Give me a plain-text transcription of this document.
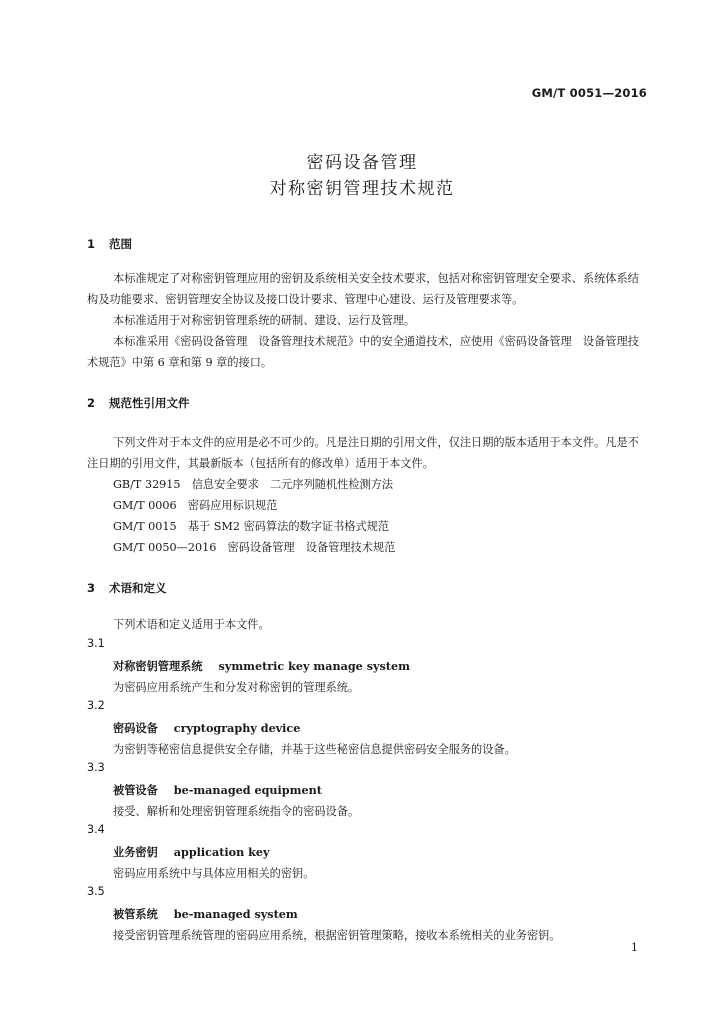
GM/T 0051—2016
密码设备管理
对称密钥管理技术规范
1 范围
本标准规定了对称密钥管理应用的密钥及系统相关安全技术要求，包括对称密钥管理安全要求、系统体系结构及功能要求、密钥管理安全协议及接口设计要求、管理中心建设、运行及管理要求等。
本标准适用于对称密钥管理系统的研制、建设、运行及管理。
本标准采用《密码设备管理　设备管理技术规范》中的安全通道技术，应使用《密码设备管理　设备管理技术规范》中第 6 章和第 9 章的接口。
2 规范性引用文件
下列文件对于本文件的应用是必不可少的。凡是注日期的引用文件，仅注日期的版本适用于本文件。凡是不注日期的引用文件，其最新版本（包括所有的修改单）适用于本文件。
GB/T 32915　信息安全要求　二元序列随机性检测方法
GM/T 0006　密码应用标识规范
GM/T 0015　基于 SM2 密码算法的数字证书格式规范
GM/T 0050—2016　密码设备管理　设备管理技术规范
3 术语和定义
下列术语和定义适用于本文件。
3.1
对称密钥管理系统 symmetric key manage system
为密码应用系统产生和分发对称密钥的管理系统。
3.2
密码设备 cryptography device
为密钥等秘密信息提供安全存储，并基于这些秘密信息提供密码安全服务的设备。
3.3
被管设备 be-managed equipment
接受、解析和处理密钥管理系统指令的密码设备。
3.4
业务密钥 application key
密码应用系统中与具体应用相关的密钥。
3.5
被管系统 be-managed system
接受密钥管理系统管理的密码应用系统，根据密钥管理策略，接收本系统相关的业务密钥。
1
